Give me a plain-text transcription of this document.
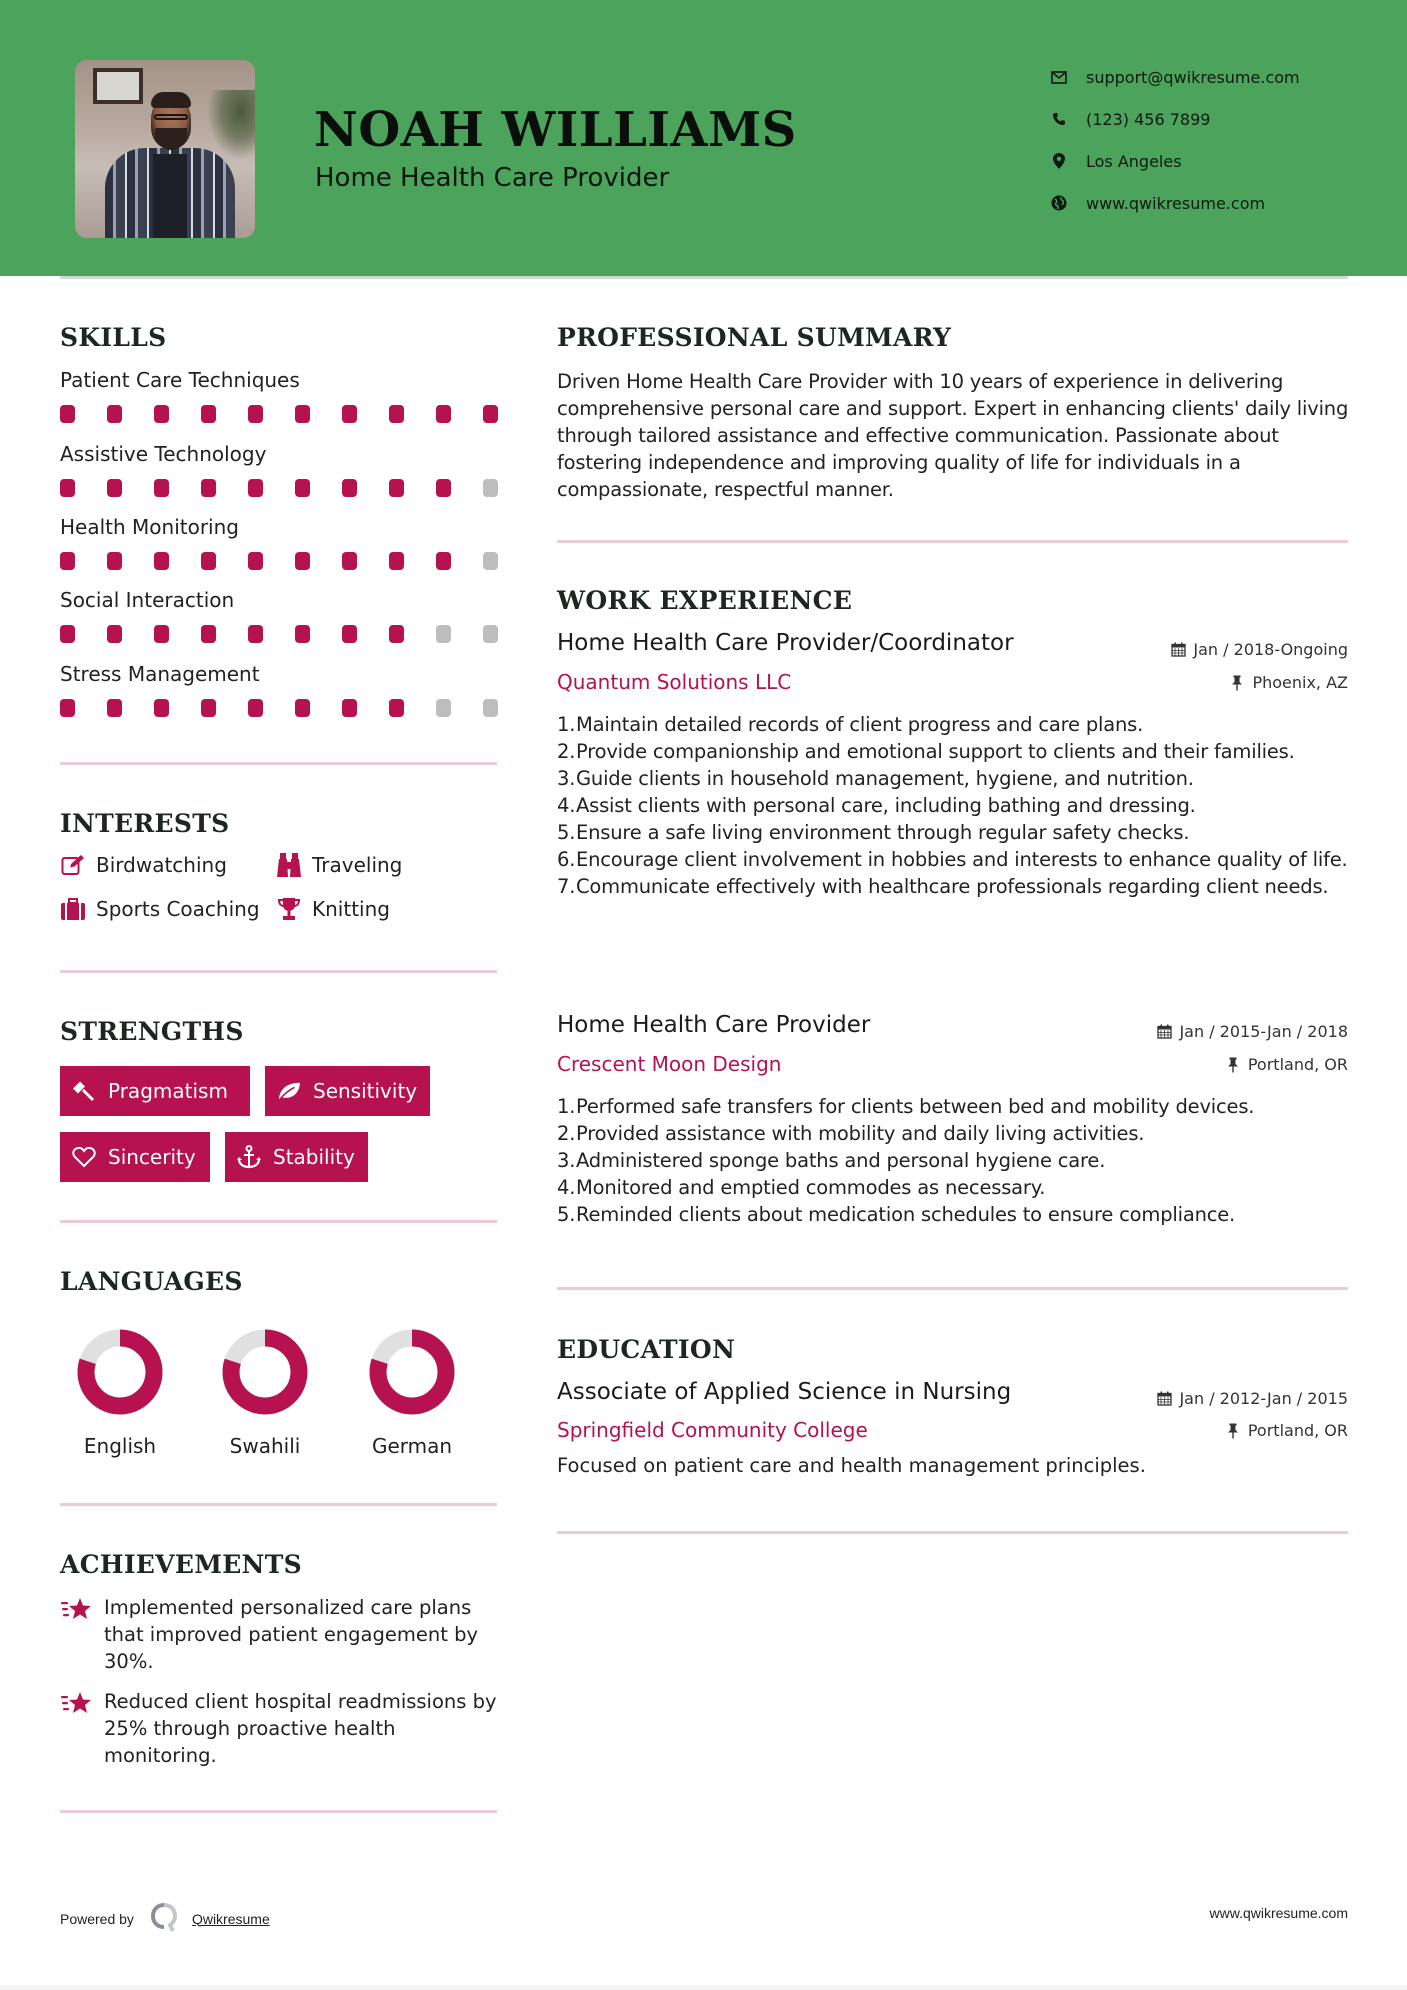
NOAH WILLIAMS
Home Health Care Provider
support@qwikresume.com
(123) 456 7899
Los Angeles
www.qwikresume.com
SKILLS
Patient Care Techniques
Assistive Technology
Health Monitoring
Social Interaction
Stress Management
INTERESTS
Birdwatching	Traveling
Sports Coaching	Knitting
STRENGTHS
Pragmatism	Sensitivity
Sincerity	Stability
LANGUAGES
English	Swahili	German
ACHIEVEMENTS
Implemented personalized care plans that improved patient engagement by 30%.
Reduced client hospital readmissions by 25% through proactive health monitoring.
PROFESSIONAL SUMMARY
Driven Home Health Care Provider with 10 years of experience in delivering comprehensive personal care and support. Expert in enhancing clients' daily living through tailored assistance and effective communication. Passionate about fostering independence and improving quality of life for individuals in a compassionate, respectful manner.
WORK EXPERIENCE
Home Health Care Provider/Coordinator	Jan / 2018-Ongoing
Quantum Solutions LLC	Phoenix, AZ
1. Maintain detailed records of client progress and care plans.
2. Provide companionship and emotional support to clients and their families.
3. Guide clients in household management, hygiene, and nutrition.
4. Assist clients with personal care, including bathing and dressing.
5. Ensure a safe living environment through regular safety checks.
6. Encourage client involvement in hobbies and interests to enhance quality of life.
7. Communicate effectively with healthcare professionals regarding client needs.
Home Health Care Provider	Jan / 2015-Jan / 2018
Crescent Moon Design	Portland, OR
1. Performed safe transfers for clients between bed and mobility devices.
2. Provided assistance with mobility and daily living activities.
3. Administered sponge baths and personal hygiene care.
4. Monitored and emptied commodes as necessary.
5. Reminded clients about medication schedules to ensure compliance.
EDUCATION
Associate of Applied Science in Nursing	Jan / 2012-Jan / 2015
Springfield Community College	Portland, OR
Focused on patient care and health management principles.
Powered by	Qwikresume	www.qwikresume.com
